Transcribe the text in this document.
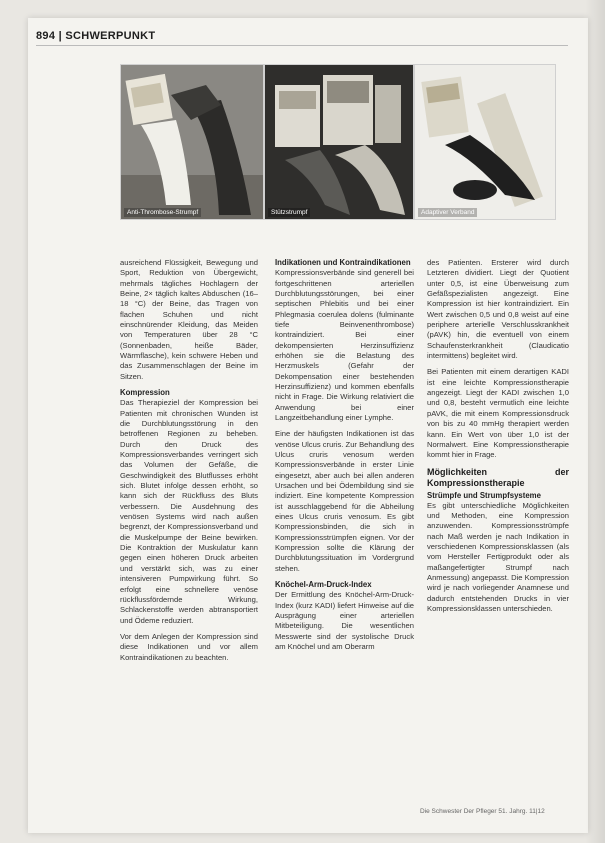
894 | SCHWERPUNKT
Anti-Thrombose-Strumpf	Stützstrumpf	Adaptiver Verband

ausreichend Flüssigkeit, Bewegung und Sport, Reduktion von Übergewicht, mehrmals tägliches Hochlagern der Beine, 2× täglich kaltes Abduschen (16–18 °C) der Beine, das Tragen von flachen Schuhen und nicht einschnürender Kleidung, das Meiden von Temperaturen über 28 °C (Sonnenbaden, heiße Bäder, Wärmflasche), kein schwere Heben und das Zusammenschlagen der Beine im Sitzen.

Kompression

Das Therapieziel der Kompression bei Patienten mit chronischen Wunden ist die Durchblutungsstörung in den betroffenen Regionen zu beheben. Durch den Druck des Kompressionsverbandes verringert sich das Volumen der Gefäße, die Geschwindigkeit des Blutflusses erhöht sich. Blutet infolge dessen erhöht, so kann sich der Rückfluss des Bluts verbessern. Die Ausdehnung des venösen Systems wird nach außen begrenzt, der Kompressionsverband und die Muskelpumpe der Beine bewirken. Die Kontraktion der Muskulatur kann gegen einen höheren Druck arbeiten und verstärkt sich, was zu einer intensiveren Pumpwirkung führt. So erfolgt eine schnellere venöse rückflussfördernde Wirkung, Schlackenstoffe werden abtransportiert und Ödeme reduziert.

Vor dem Anlegen der Kompression sind diese Indikationen und vor allem Kontraindikationen zu beachten.

Indikationen und Kontraindikationen

Kompressionsverbände sind generell bei fortgeschrittenen arteriellen Durchblutungsstörungen, bei einer septischen Phlebitis und bei einer Phlegmasia coerulea dolens (fulminante tiefe Beinvenenthrombose) kontraindiziert. Bei einer dekompensierten Herzinsuffizienz erhöhen sie die Belastung des Herzmuskels (Gefahr der Dekompensation einer bestehenden Herzinsuffizienz) und kommen ebenfalls nicht in Frage. Die Wirkung relativiert die Anwendung bei einer Langzeitbehandlung einer Lymphe.

Eine der häufigsten Indikationen ist das venöse Ulcus cruris. Zur Behandlung des Ulcus cruris venosum werden Kompressionsverbände in erster Linie eingesetzt, aber auch bei allen anderen Ursachen und bei Ödembildung sind sie indiziert. Eine kompetente Kompression ist ausschlaggebend für die Abheilung eines Ulcus cruris venosum. Es gibt Kompressionsbinden, die sich in Kompressionsstrümpfen eignen. Vor der Kompression sollte die Klärung der Durchblutungssituation im Vordergrund stehen.

Knöchel-Arm-Druck-Index

Der Ermittlung des Knöchel-Arm-Druck-Index (kurz KADI) liefert Hinweise auf die Ausprägung einer arteriellen Mitbeteiligung. Die wesentlichen Messwerte sind der systolische Druck am Knöchel und am Oberarm

des Patienten. Ersterer wird durch Letzteren dividiert. Liegt der Quotient unter 0,5, ist eine Überweisung zum Gefäßspezialisten angezeigt. Eine Kompression ist hier kontraindiziert. Ein Wert zwischen 0,5 und 0,8 weist auf eine periphere arterielle Verschlusskrankheit (pAVK) hin, die eventuell von einem Schaufensterkrankheit (Claudicatio intermittens) begleitet wird.

Bei Patienten mit einem derartigen KADI ist eine leichte Kompressionstherapie angezeigt. Liegt der KADI zwischen 1,0 und 0,8, besteht vermutlich eine leichte pAVK, die mit einem Kompressionsdruck von bis zu 40 mmHg therapiert werden kann. Ein Wert von über 1,0 ist der Normalwert. Eine Kompressionstherapie kommt hier in Frage.

Möglichkeiten der Kompressionstherapie
Strümpfe und Strumpfsysteme

Es gibt unterschiedliche Möglichkeiten und Methoden, eine Kompression anzuwenden. Kompressionsstrümpfe nach Maß werden je nach Indikation in verschiedenen Kompressionsklassen (als vom Hersteller Fertigprodukt oder als maßangefertigter Strumpf nach Anmessung) angepasst. Die Kompression wird je nach vorliegender Anamnese und dadurch entstehenden Drucks in vier Kompressionsklassen unterschieden.

Die Schwester Der Pfleger 51. Jahrg. 11|12
